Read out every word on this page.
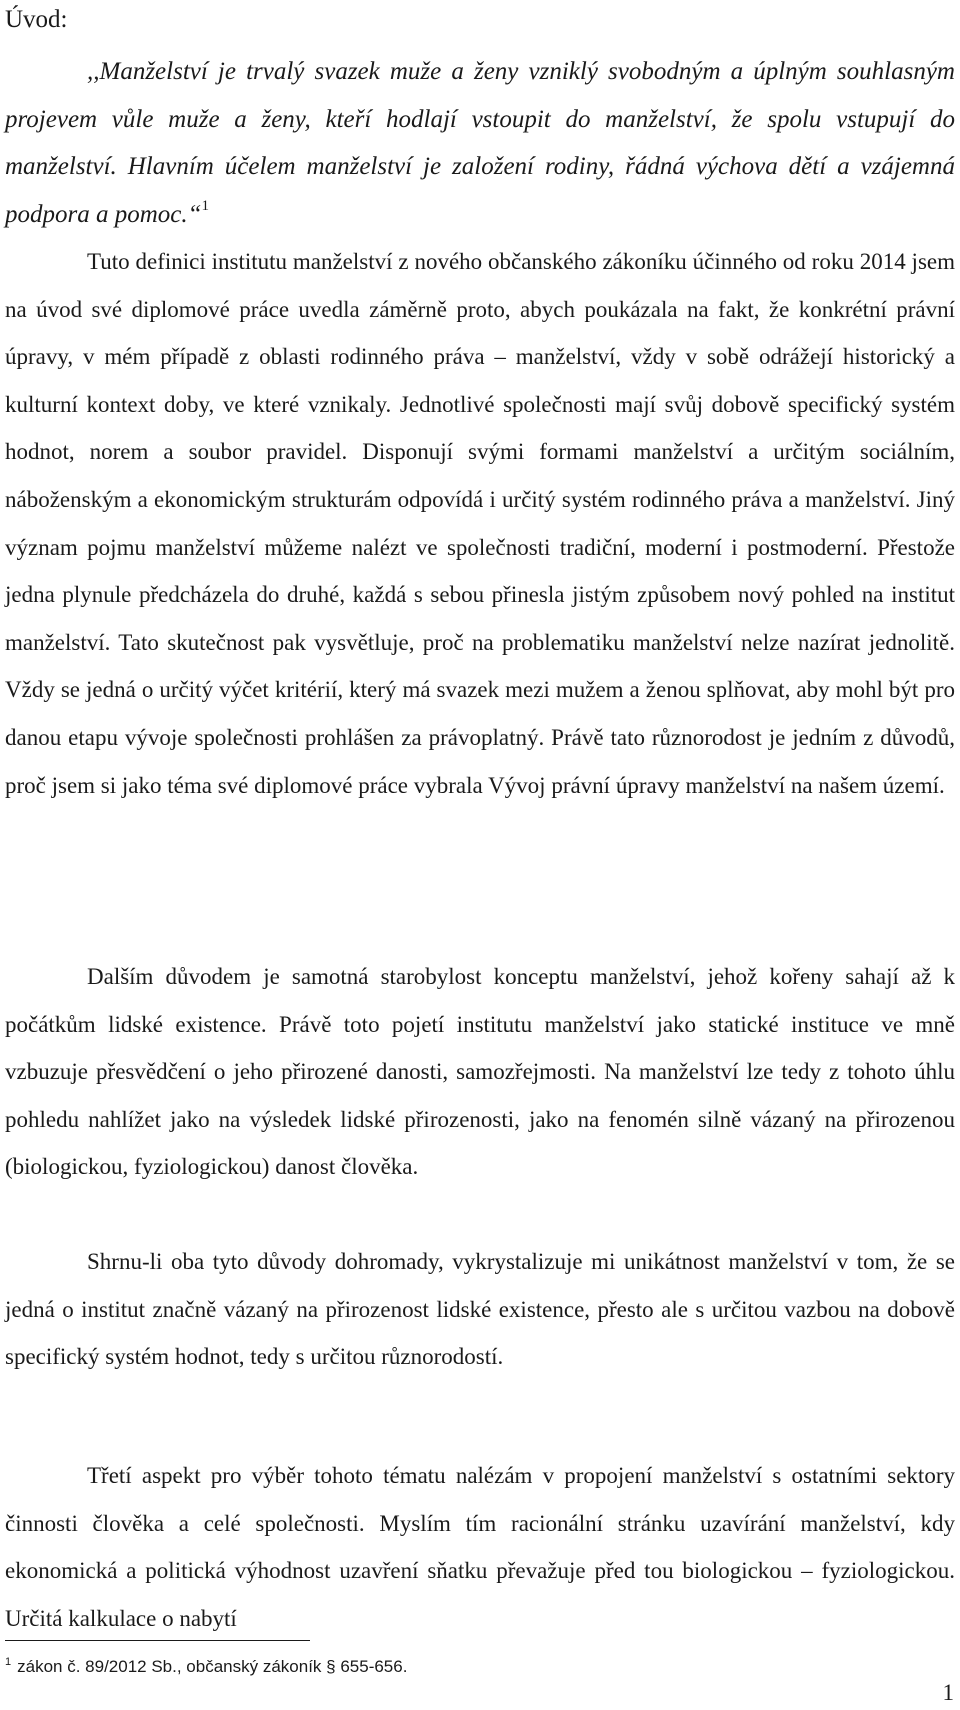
Úvod:

,,Manželství je trvalý svazek muže a ženy vzniklý svobodným a úplným souhlasným projevem vůle muže a ženy, kteří hodlají vstoupit do manželství, že spolu vstupují do manželství. Hlavním účelem manželství je založení rodiny, řádná výchova dětí a vzájemná podpora a pomoc.“$^1$

Tuto definici institutu manželství z nového občanského zákoníku účinného od roku 2014 jsem na úvod své diplomové práce uvedla záměrně proto, abych poukázala na fakt, že konkrétní právní úpravy, v mém případě z oblasti rodinného práva – manželství, vždy v sobě odrážejí historický a kulturní kontext doby, ve které vznikaly. Jednotlivé společnosti mají svůj dobově specifický systém hodnot, norem a soubor pravidel. Disponují svými formami manželství a určitým sociálním, náboženským a ekonomickým strukturám odpovídá i určitý systém rodinného práva a manželství. Jiný význam pojmu manželství můžeme nalézt ve společnosti tradiční, moderní i postmoderní. Přestože jedna plynule předcházela do druhé, každá s sebou přinesla jistým způsobem nový pohled na institut manželství. Tato skutečnost pak vysvětluje, proč na problematiku manželství nelze nazírat jednolitě. Vždy se jedná o určitý výčet kritérií, který má svazek mezi mužem a ženou splňovat, aby mohl být pro danou etapu vývoje společnosti prohlášen za právoplatný. Právě tato různorodost je jedním z důvodů, proč jsem si jako téma své diplomové práce vybrala Vývoj právní úpravy manželství na našem území.

Dalším důvodem je samotná starobylost konceptu manželství, jehož kořeny sahají až k počátkům lidské existence. Právě toto pojetí institutu manželství jako statické instituce ve mně vzbuzuje přesvědčení o jeho přirozené danosti, samozřejmosti. Na manželství lze tedy z tohoto úhlu pohledu nahlížet jako na výsledek lidské přirozenosti, jako na fenomén silně vázaný na přirozenou (biologickou, fyziologickou) danost člověka.

Shrnu-li oba tyto důvody dohromady, vykrystalizuje mi unikátnost manželství v tom, že se jedná o institut značně vázaný na přirozenost lidské existence, přesto ale s určitou vazbou na dobově specifický systém hodnot, tedy s určitou různorodostí.

Třetí aspekt pro výběr tohoto tématu nalézám v propojení manželství s ostatními sektory činnosti člověka a celé společnosti. Myslím tím racionální stránku uzavírání manželství, kdy ekonomická a politická výhodnost uzavření sňatku převažuje před tou biologickou – fyziologickou. Určitá kalkulace o nabytí

$^1$ zákon č. 89/2012 Sb., občanský zákoník § 655-656.
1
